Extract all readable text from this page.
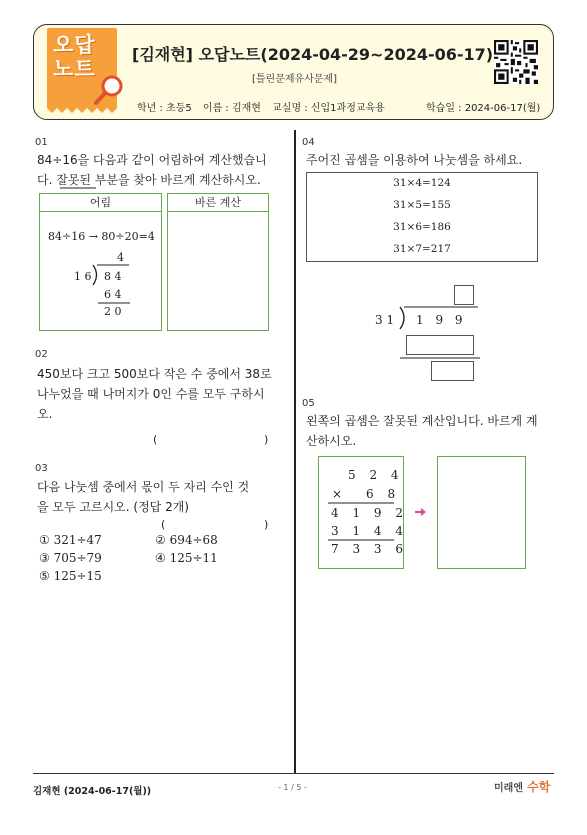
오답
노트
[김재현] 오답노트(2024-04-29~2024-06-17)
[틀린문제유사문제]
학년 : 초등5 이름 : 김재현 교실명 : 신입1과정교육용	학습일 : 2024-06-17(월)
01
84÷16을 다음과 같이 어림하여 계산했습니
다. 잘못된 부분을 찾아 바르게 계산하시오.
어림	바른 계산
84÷16 → 80÷20=4
4
1 6 8 4
6 4
2 0
02
450보다 크고 500보다 작은 수 중에서 38로
나누었을 때 나머지가 0인 수를 모두 구하시
오.
(	)
03
다음 나눗셈 중에서 몫이 두 자리 수인 것
을 모두 고르시오. (정답 2개)
(	)
① 321÷47	② 694÷68
③ 705÷79	④ 125÷11
⑤ 125÷15
04
주어진 곱셈을 이용하여 나눗셈을 하세요.
31×4=124
31×5=155
31×6=186
31×7=217
3 1 1 9 9
05
왼쪽의 곱셈은 잘못된 계산입니다. 바르게 계
산하시오.
5 2 4
× 6 8
4 1 9 2
3 1 4 4
7 3 3 6
김재현 (2024-06-17(월))	- 1 / 5 -	미래엔 수학
